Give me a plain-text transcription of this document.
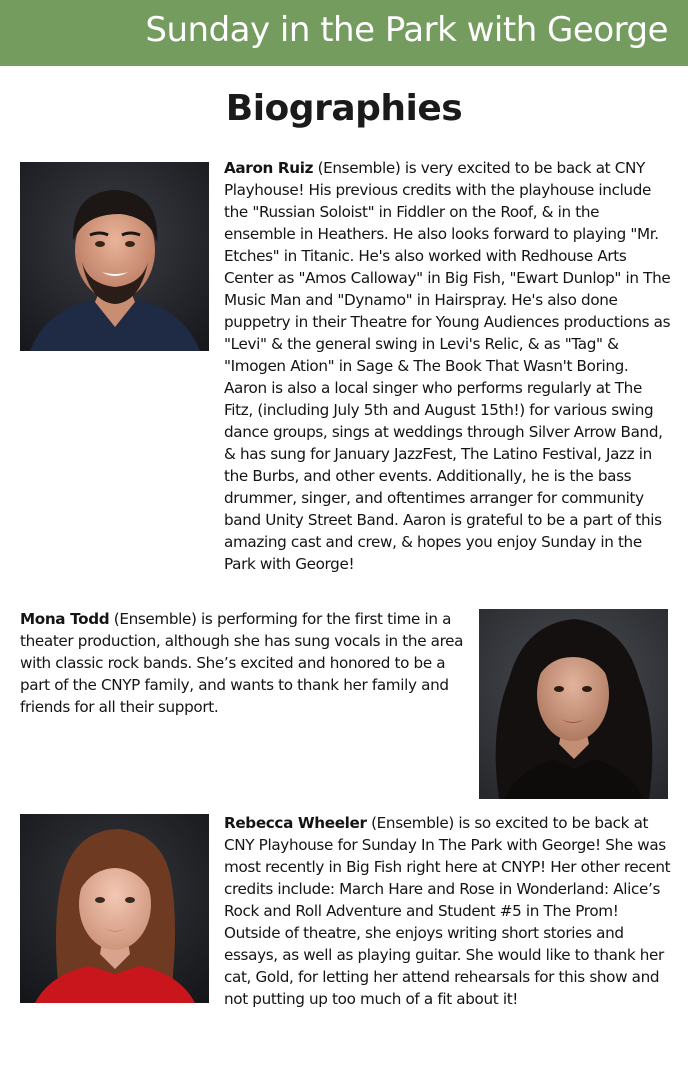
Sunday in the Park with George
Biographies

Aaron Ruiz (Ensemble) is very excited to be back at CNY Playhouse! His previous credits with the playhouse include the "Russian Soloist" in Fiddler on the Roof, & in the ensemble in Heathers. He also looks forward to playing "Mr. Etches" in Titanic. He's also worked with Redhouse Arts Center as "Amos Calloway" in Big Fish, "Ewart Dunlop" in The Music Man and "Dynamo" in Hairspray. He's also done puppetry in their Theatre for Young Audiences productions as "Levi" & the general swing in Levi's Relic, & as "Tag" & "Imogen Ation" in Sage & The Book That Wasn't Boring. Aaron is also a local singer who performs regularly at The Fitz, (including July 5th and August 15th!) for various swing dance groups, sings at weddings through Silver Arrow Band, & has sung for January JazzFest, The Latino Festival, Jazz in the Burbs, and other events. Additionally, he is the bass drummer, singer, and oftentimes arranger for community band Unity Street Band. Aaron is grateful to be a part of this amazing cast and crew, & hopes you enjoy Sunday in the Park with George!

Mona Todd (Ensemble) is performing for the first time in a theater production, although she has sung vocals in the area with classic rock bands. She’s excited and honored to be a part of the CNYP family, and wants to thank her family and friends for all their support.

Rebecca Wheeler (Ensemble) is so excited to be back at CNY Playhouse for Sunday In The Park with George! She was most recently in Big Fish right here at CNYP! Her other recent credits include: March Hare and Rose in Wonderland: Alice’s Rock and Roll Adventure and Student #5 in The Prom! Outside of theatre, she enjoys writing short stories and essays, as well as playing guitar. She would like to thank her cat, Gold, for letting her attend rehearsals for this show and not putting up too much of a fit about it!
